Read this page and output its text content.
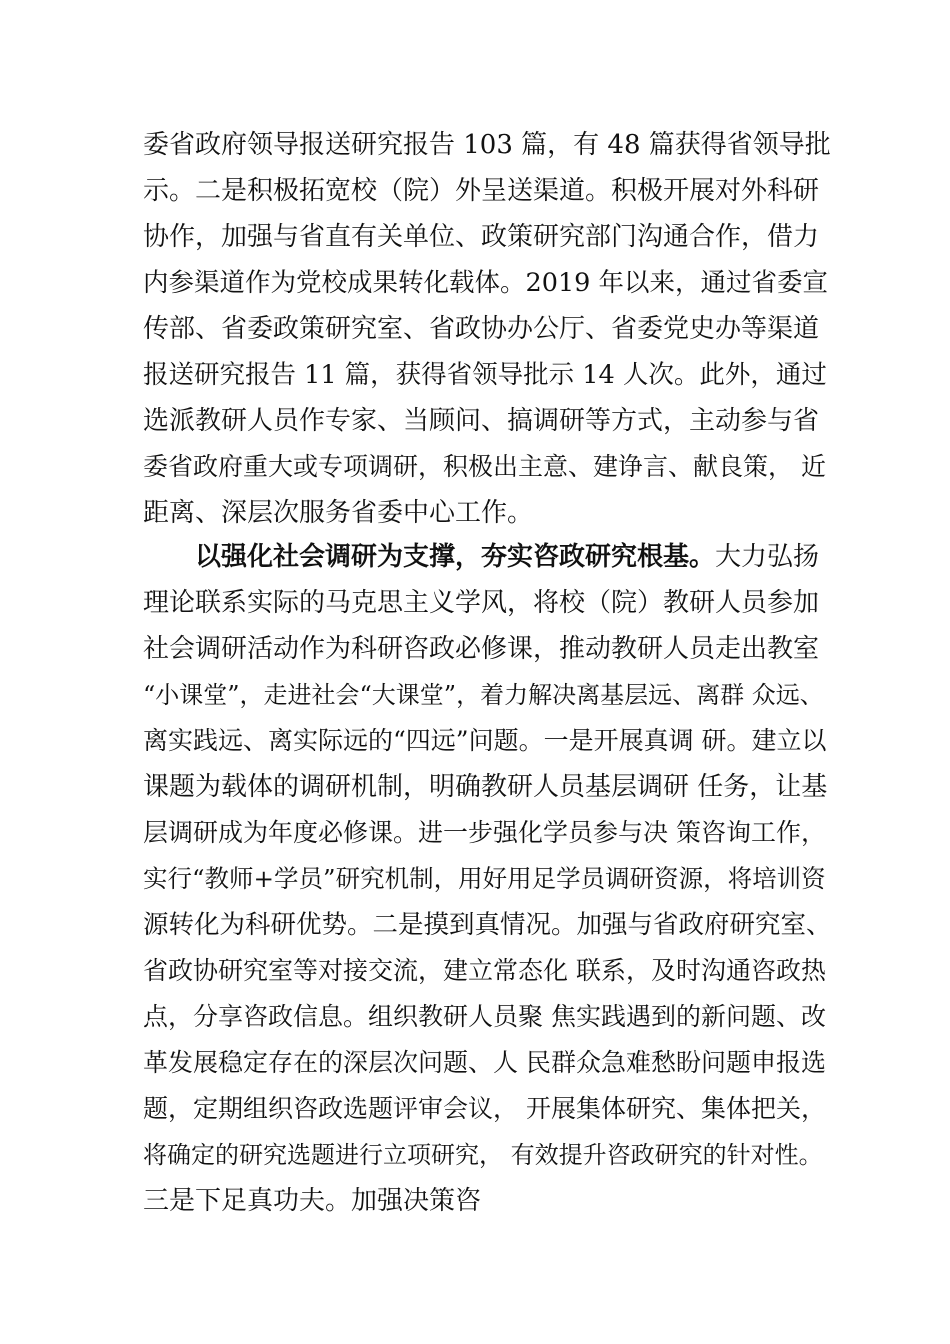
委省政府领导报送研究报告 103 篇，有 48 篇获得省领导批

示。二是积极拓宽校（院）外呈送渠道。积极开展对外科研

协作，加强与省直有关单位、政策研究部门沟通合作，借力

内参渠道作为党校成果转化载体。2019 年以来，通过省委宣

传部、省委政策研究室、省政协办公厅、省委党史办等渠道

报送研究报告 11 篇，获得省领导批示 14 人次。此外，通过

选派教研人员作专家、当顾问、搞调研等方式，主动参与省

委省政府重大或专项调研，积极出主意、建诤言、献良策， 近

距离、深层次服务省委中心工作。

以强化社会调研为支撑，夯实咨政研究根基。大力弘扬

理论联系实际的马克思主义学风，将校（院）教研人员参加

社会调研活动作为科研咨政必修课，推动教研人员走出教室

“小课堂”，走进社会“大课堂”，着力解决离基层远、离群 众远、

离实践远、离实际远的“四远”问题。一是开展真调 研。建立以

课题为载体的调研机制，明确教研人员基层调研 任务，让基

层调研成为年度必修课。进一步强化学员参与决 策咨询工作，

实行“教师+学员”研究机制，用好用足学员调研资源，将培训资

源转化为科研优势。二是摸到真情况。加强与省政府研究室、

省政协研究室等对接交流，建立常态化 联系，及时沟通咨政热

点，分享咨政信息。组织教研人员聚 焦实践遇到的新问题、改

革发展稳定存在的深层次问题、人 民群众急难愁盼问题申报选

题，定期组织咨政选题评审会议， 开展集体研究、集体把关，

将确定的研究选题进行立项研究， 有效提升咨政研究的针对性。

三是下足真功夫。加强决策咨
